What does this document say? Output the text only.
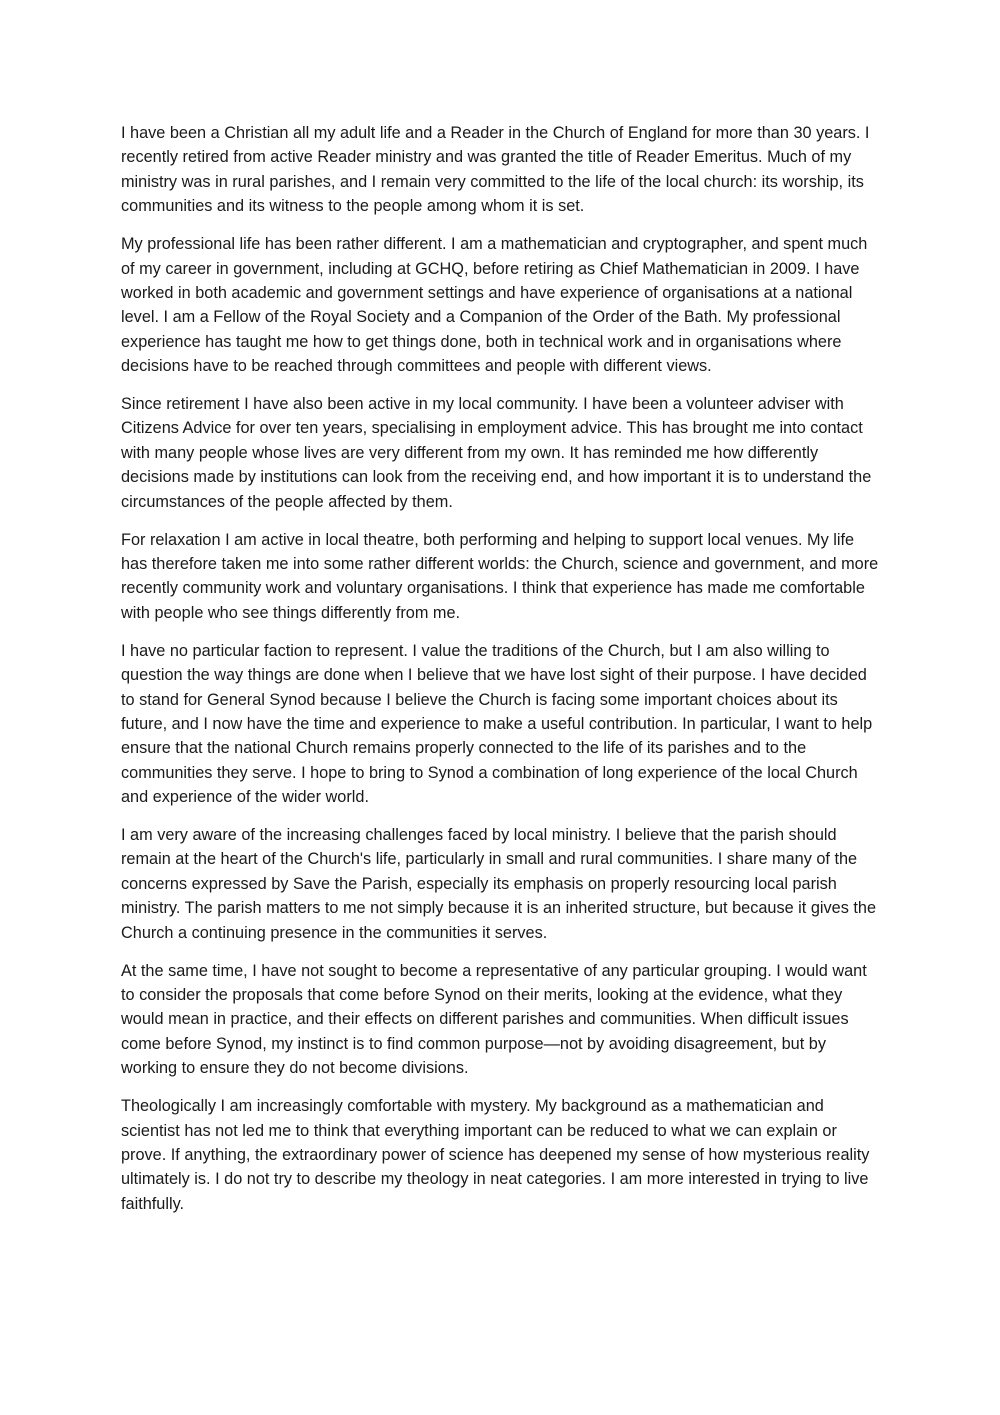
I have been a Christian all my adult life and a Reader in the Church of England for more than 30 years. I recently retired from active Reader ministry and was granted the title of Reader Emeritus. Much of my ministry was in rural parishes, and I remain very committed to the life of the local church: its worship, its communities and its witness to the people among whom it is set.

My professional life has been rather different. I am a mathematician and cryptographer, and spent much of my career in government, including at GCHQ, before retiring as Chief Mathematician in 2009. I have worked in both academic and government settings and have experience of organisations at a national level. I am a Fellow of the Royal Society and a Companion of the Order of the Bath. My professional experience has taught me how to get things done, both in technical work and in organisations where decisions have to be reached through committees and people with different views.

Since retirement I have also been active in my local community. I have been a volunteer adviser with Citizens Advice for over ten years, specialising in employment advice. This has brought me into contact with many people whose lives are very different from my own. It has reminded me how differently decisions made by institutions can look from the receiving end, and how important it is to understand the circumstances of the people affected by them.

For relaxation I am active in local theatre, both performing and helping to support local venues. My life has therefore taken me into some rather different worlds: the Church, science and government, and more recently community work and voluntary organisations. I think that experience has made me comfortable with people who see things differently from me.

I have no particular faction to represent. I value the traditions of the Church, but I am also willing to question the way things are done when I believe that we have lost sight of their purpose. I have decided to stand for General Synod because I believe the Church is facing some important choices about its future, and I now have the time and experience to make a useful contribution. In particular, I want to help ensure that the national Church remains properly connected to the life of its parishes and to the communities they serve. I hope to bring to Synod a combination of long experience of the local Church and experience of the wider world.

I am very aware of the increasing challenges faced by local ministry. I believe that the parish should remain at the heart of the Church's life, particularly in small and rural communities. I share many of the concerns expressed by Save the Parish, especially its emphasis on properly resourcing local parish ministry. The parish matters to me not simply because it is an inherited structure, but because it gives the Church a continuing presence in the communities it serves.

At the same time, I have not sought to become a representative of any particular grouping. I would want to consider the proposals that come before Synod on their merits, looking at the evidence, what they would mean in practice, and their effects on different parishes and communities. When difficult issues come before Synod, my instinct is to find common purpose—not by avoiding disagreement, but by working to ensure they do not become divisions.

Theologically I am increasingly comfortable with mystery. My background as a mathematician and scientist has not led me to think that everything important can be reduced to what we can explain or prove. If anything, the extraordinary power of science has deepened my sense of how mysterious reality ultimately is. I do not try to describe my theology in neat categories. I am more interested in trying to live faithfully.
